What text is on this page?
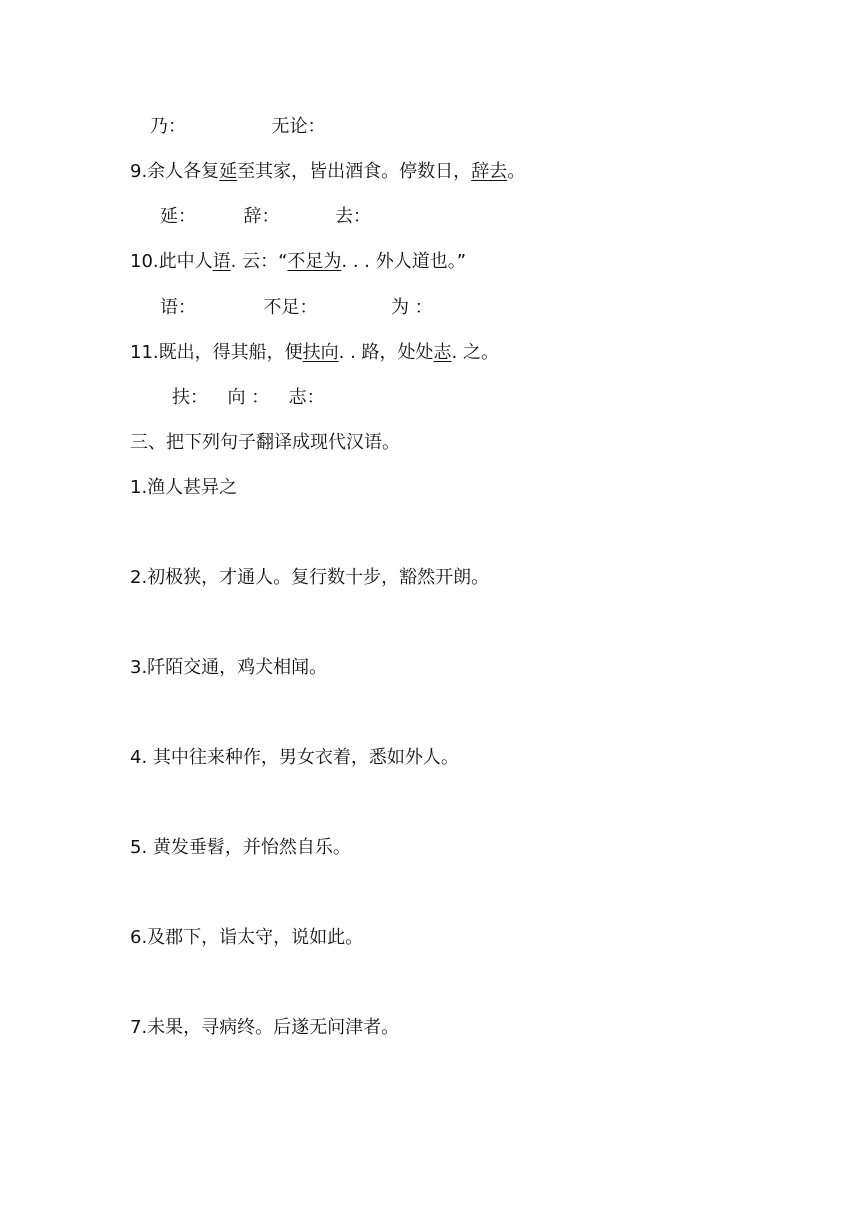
乃：	无论：
9.余人各复延至其家，皆出酒食。停数日，辞去。
延：	辞：	去：
10.此中人语. 云：“不足为. . . 外人道也。”
语：	不足：	为 ：
11.既出，得其船，便扶向. . 路，处处志. 之。
扶： 向 ： 志：
三、把下列句子翻译成现代汉语。
1.渔人甚异之
2.初极狭，才通人。复行数十步，豁然开朗。
3.阡陌交通，鸡犬相闻。
4. 其中往来种作，男女衣着，悉如外人。
5. 黄发垂髫，并怡然自乐。
6.及郡下，诣太守，说如此。
7.未果，寻病终。后遂无问津者。
